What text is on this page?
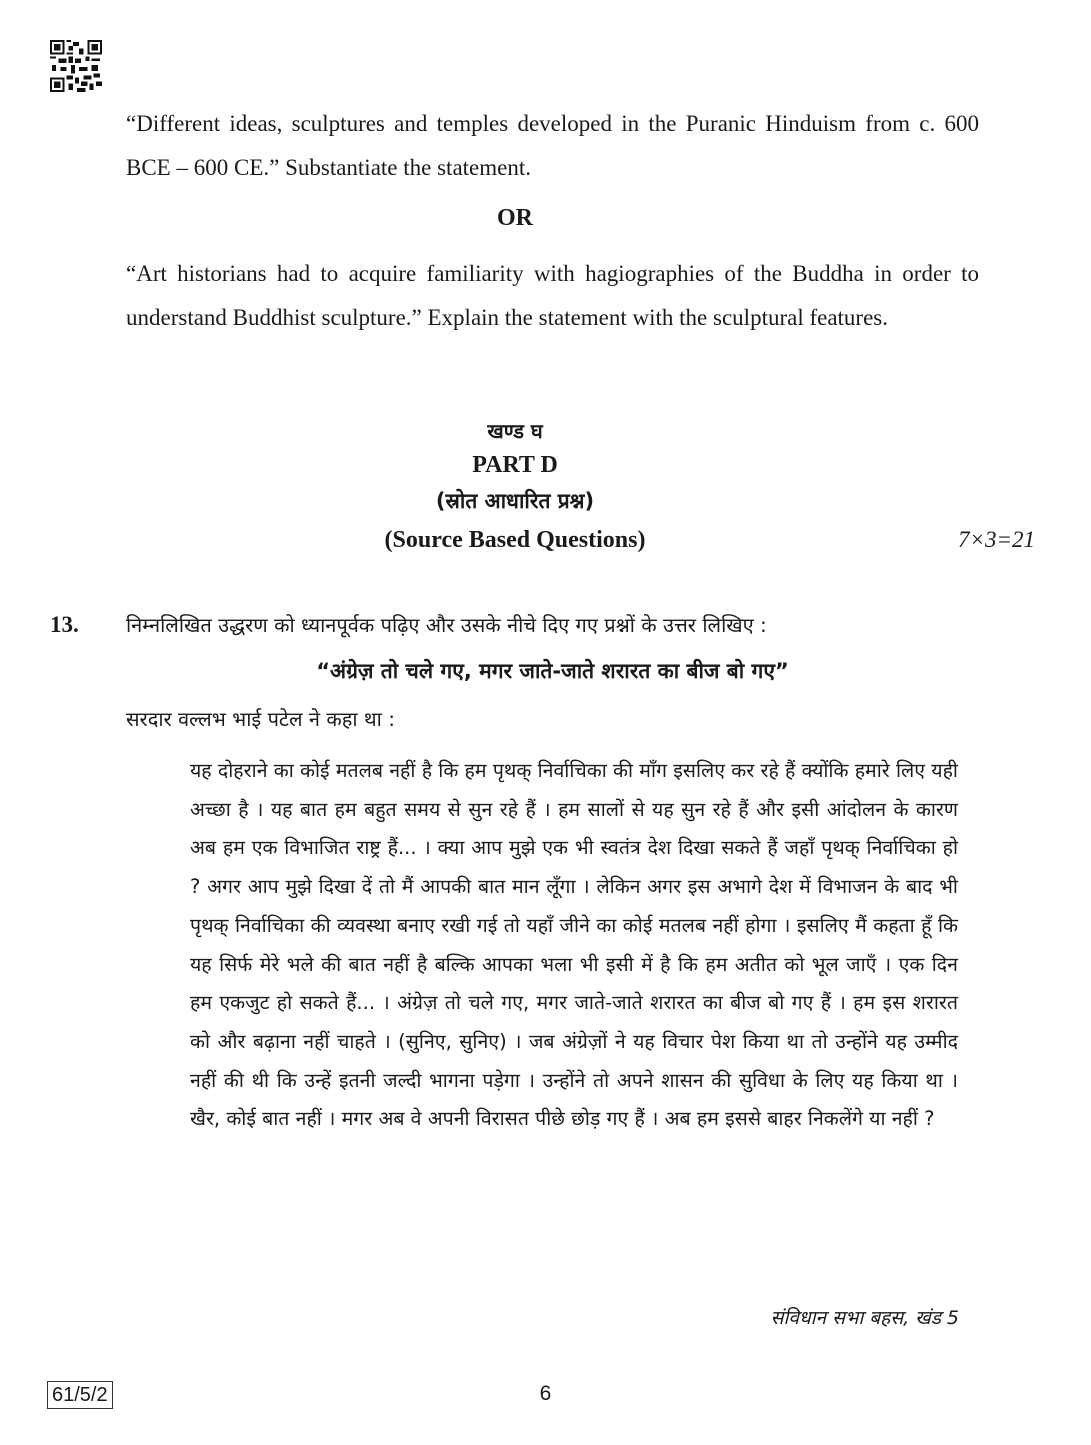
“Different ideas, sculptures and temples developed in the Puranic Hinduism from c. 600 BCE – 600 CE.” Substantiate the statement.
OR
“Art historians had to acquire familiarity with hagiographies of the Buddha in order to understand Buddhist sculpture.” Explain the statement with the sculptural features.
खण्ड घ
PART D
(स्रोत आधारित प्रश्न)
(Source Based Questions)	7×3=21
13. निम्नलिखित उद्धरण को ध्यानपूर्वक पढ़िए और उसके नीचे दिए गए प्रश्नों के उत्तर लिखिए :
“अंग्रेज़ तो चले गए, मगर जाते-जाते शरारत का बीज बो गए”
सरदार वल्लभ भाई पटेल ने कहा था :
यह दोहराने का कोई मतलब नहीं है कि हम पृथक् निर्वाचिका की माँग इसलिए कर रहे हैं क्योंकि हमारे लिए यही अच्छा है । यह बात हम बहुत समय से सुन रहे हैं । हम सालों से यह सुन रहे हैं और इसी आंदोलन के कारण अब हम एक विभाजित राष्ट्र हैं... । क्या आप मुझे एक भी स्वतंत्र देश दिखा सकते हैं जहाँ पृथक् निर्वाचिका हो ? अगर आप मुझे दिखा दें तो मैं आपकी बात मान लूँगा । लेकिन अगर इस अभागे देश में विभाजन के बाद भी पृथक् निर्वाचिका की व्यवस्था बनाए रखी गई तो यहाँ जीने का कोई मतलब नहीं होगा । इसलिए मैं कहता हूँ कि यह सिर्फ मेरे भले की बात नहीं है बल्कि आपका भला भी इसी में है कि हम अतीत को भूल जाएँ । एक दिन हम एकजुट हो सकते हैं... । अंग्रेज़ तो चले गए, मगर जाते-जाते शरारत का बीज बो गए हैं । हम इस शरारत को और बढ़ाना नहीं चाहते । (सुनिए, सुनिए) । जब अंग्रेज़ों ने यह विचार पेश किया था तो उन्होंने यह उम्मीद नहीं की थी कि उन्हें इतनी जल्दी भागना पड़ेगा । उन्होंने तो अपने शासन की सुविधा के लिए यह किया था । खैर, कोई बात नहीं । मगर अब वे अपनी विरासत पीछे छोड़ गए हैं । अब हम इससे बाहर निकलेंगे या नहीं ?
संविधान सभा बहस, खंड 5
61/5/2	6
